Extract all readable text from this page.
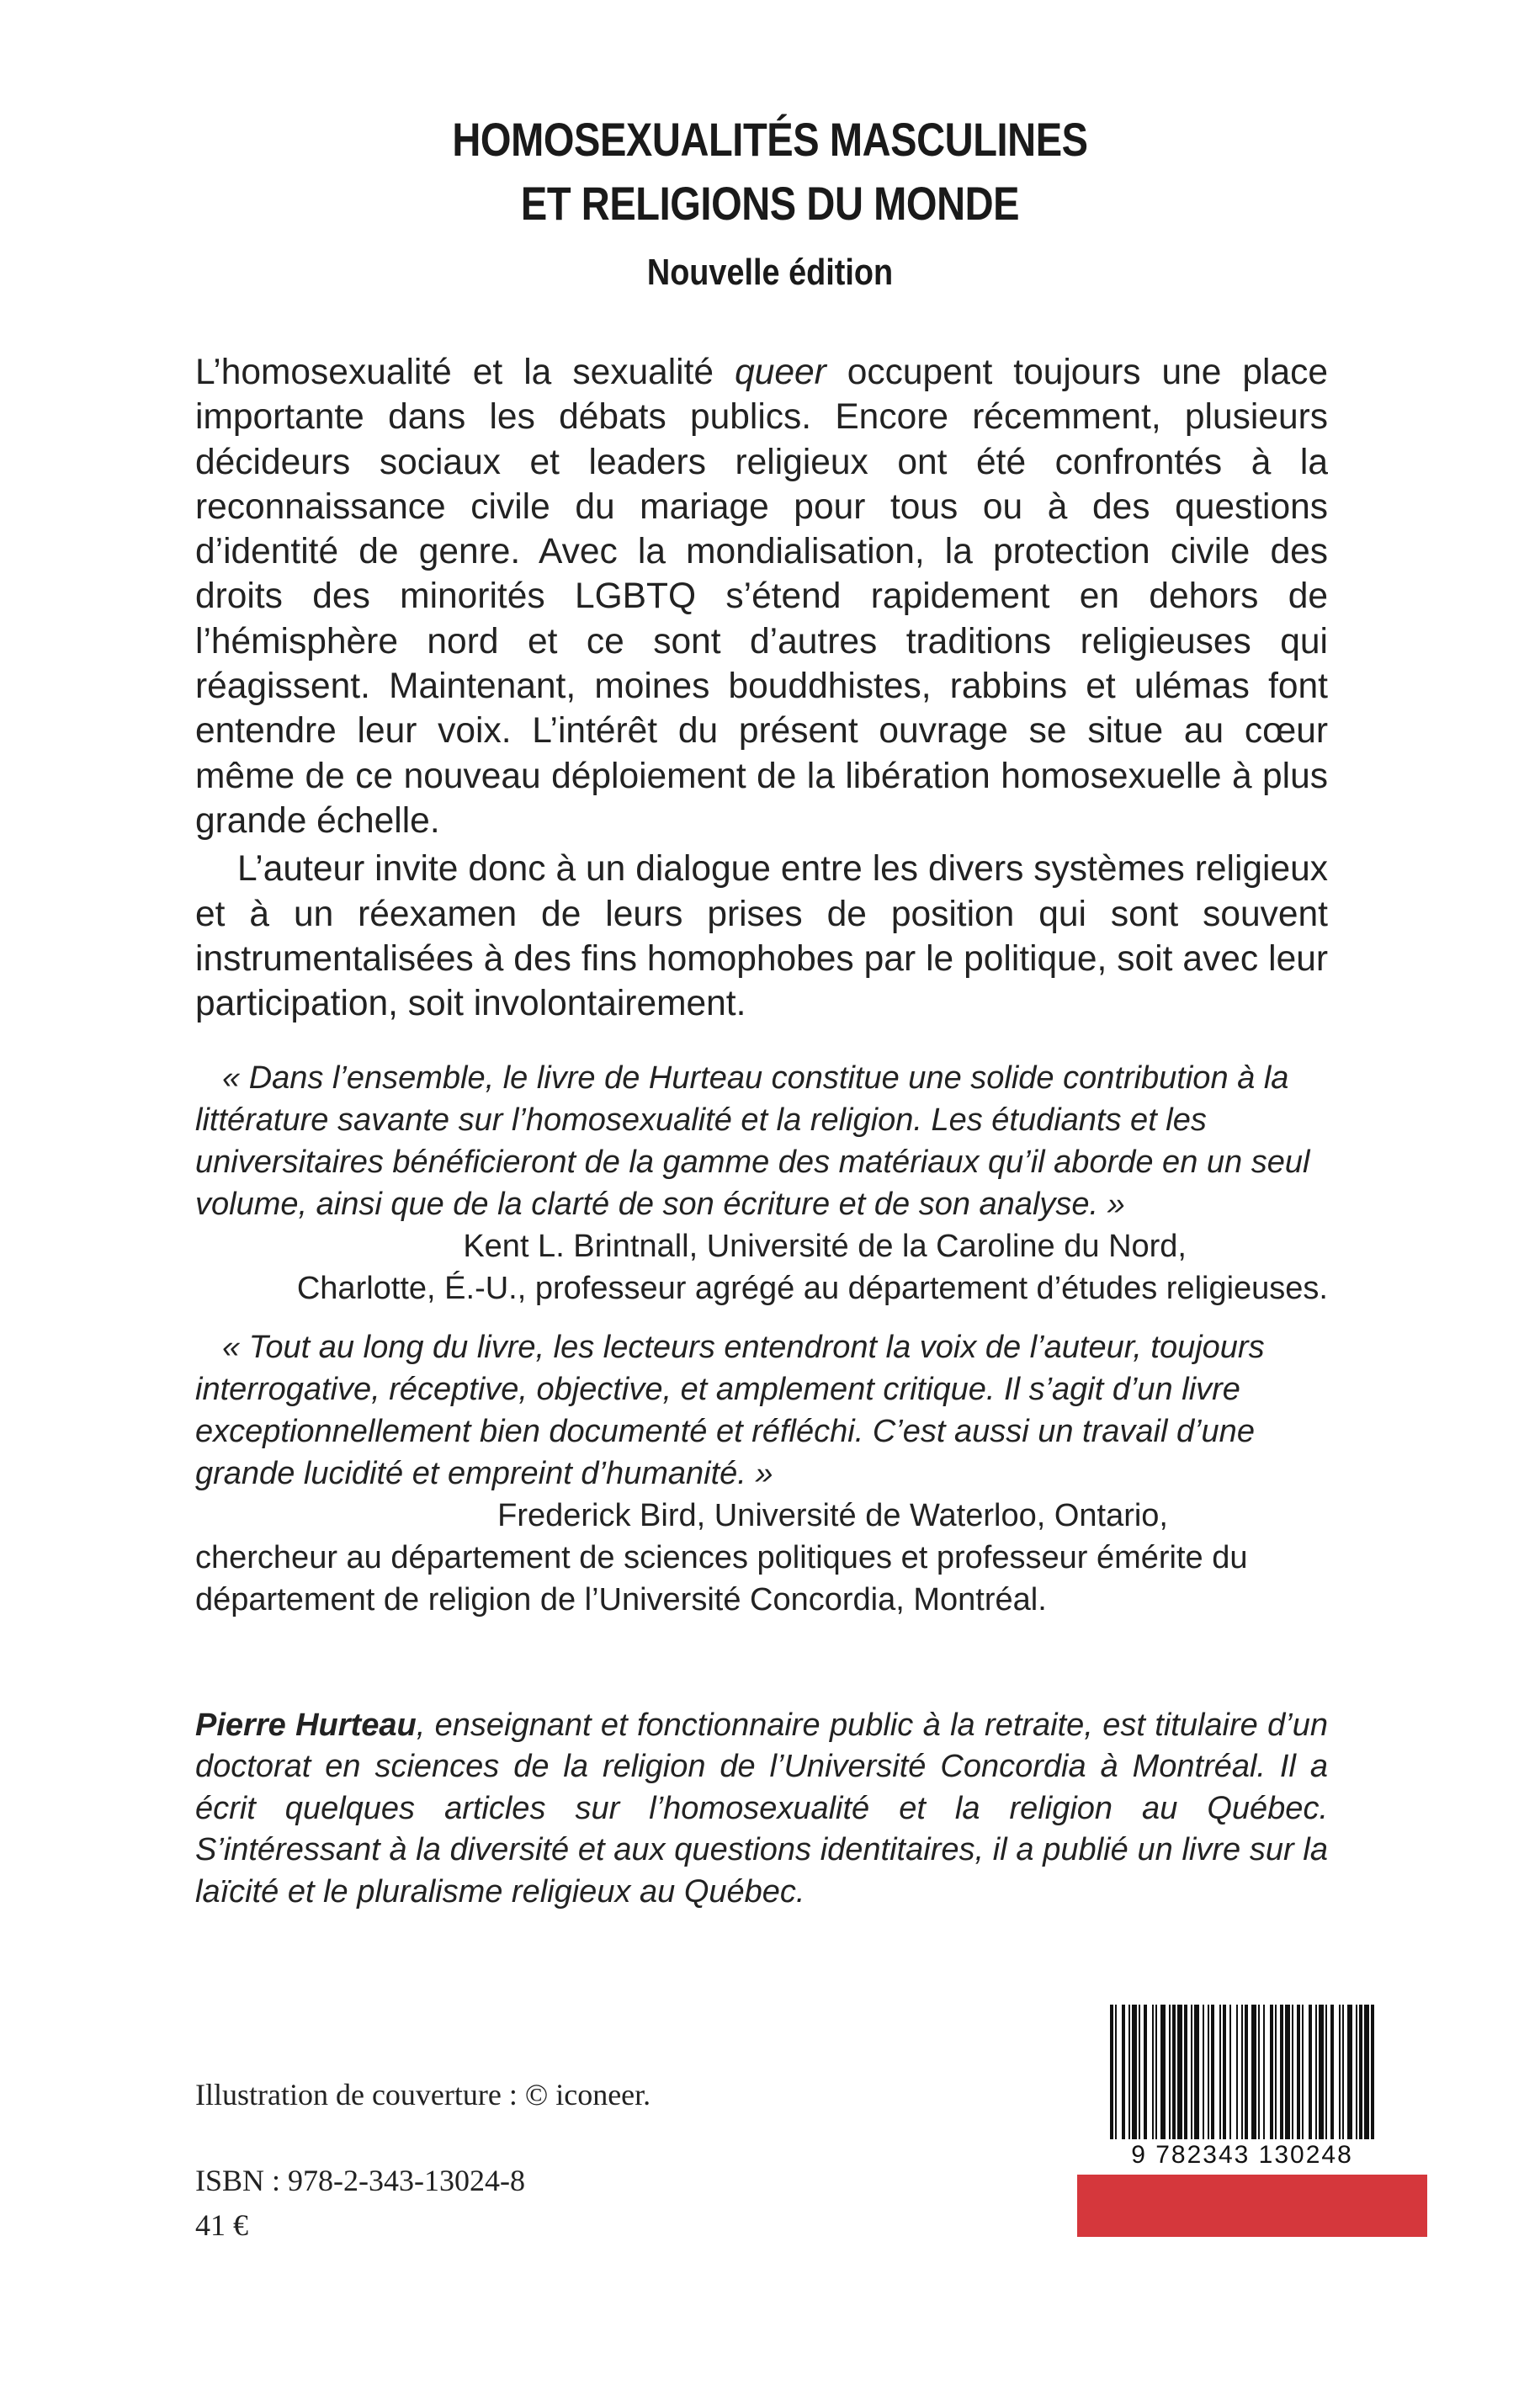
HOMOSEXUALITÉS MASCULINES
ET RELIGIONS DU MONDE
Nouvelle édition

L’homosexualité et la sexualité queer occupent toujours une place importante dans les débats publics. Encore récemment, plusieurs décideurs sociaux et leaders religieux ont été confrontés à la reconnaissance civile du mariage pour tous ou à des questions d’identité de genre. Avec la mondialisation, la protection civile des droits des minorités LGBTQ s’étend rapidement en dehors de l’hémisphère nord et ce sont d’autres traditions religieuses qui réagissent. Maintenant, moines bouddhistes, rabbins et ulémas font entendre leur voix. L’intérêt du présent ouvrage se situe au cœur même de ce nouveau déploiement de la libération homosexuelle à plus grande échelle.

L’auteur invite donc à un dialogue entre les divers systèmes religieux et à un réexamen de leurs prises de position qui sont souvent instrumentalisées à des fins homophobes par le politique, soit avec leur participation, soit involontairement.

« Dans l’ensemble, le livre de Hurteau constitue une solide contribution à la littérature savante sur l’homosexualité et la religion. Les étudiants et les universitaires bénéficieront de la gamme des matériaux qu’il aborde en un seul volume, ainsi que de la clarté de son écriture et de son analyse. »

Kent L. Brintnall, Université de la Caroline du Nord,

Charlotte, É.-U., professeur agrégé au département d’études religieuses.

« Tout au long du livre, les lecteurs entendront la voix de l’auteur, toujours interrogative, réceptive, objective, et amplement critique. Il s’agit d’un livre exceptionnellement bien documenté et réfléchi. C’est aussi un travail d’une grande lucidité et empreint d’humanité. »

Frederick Bird, Université de Waterloo, Ontario,

chercheur au département de sciences politiques et professeur émérite du département de religion de l’Université Concordia, Montréal.

Pierre Hurteau, enseignant et fonctionnaire public à la retraite, est titulaire d’un doctorat en sciences de la religion de l’Université Concordia à Montréal. Il a écrit quelques articles sur l’homosexualité et la religion au Québec. S’intéressant à la diversité et aux questions identitaires, il a publié un livre sur la laïcité et le pluralisme religieux au Québec.

9 782343 130248
Illustration de couverture : © iconeer.
ISBN : 978-2-343-13024-8
41 €
